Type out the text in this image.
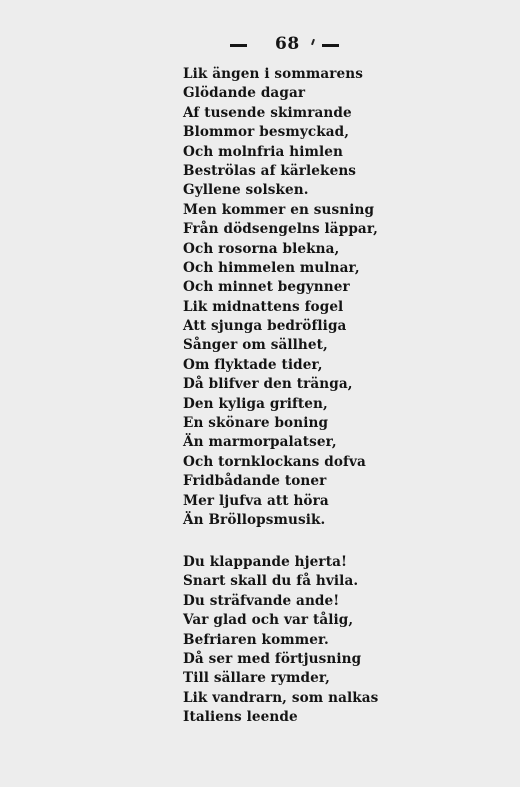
68
Lik ängen i sommarens
Glödande dagar
Af tusende skimrande
Blommor besmyckad,
Och molnfria himlen
Beströlas af kärlekens
Gyllene solsken.
Men kommer en susning
Från dödsengelns läppar,
Och rosorna blekna,
Och himmelen mulnar,
Och minnet begynner
Lik midnattens fogel
Att sjunga bedröfliga
Sånger om sällhet,
Om flyktade tider,
Då blifver den tränga,
Den kyliga griften,
En skönare boning
Än marmorpalatser,
Och tornklockans dofva
Fridbådande toner
Mer ljufva att höra
Än Bröllopsmusik.
Du klappande hjerta!
Snart skall du få hvila.
Du sträfvande ande!
Var glad och var tålig,
Befriaren kommer.
Då ser med förtjusning
Till sällare rymder,
Lik vandrarn, som nalkas
Italiens leende
